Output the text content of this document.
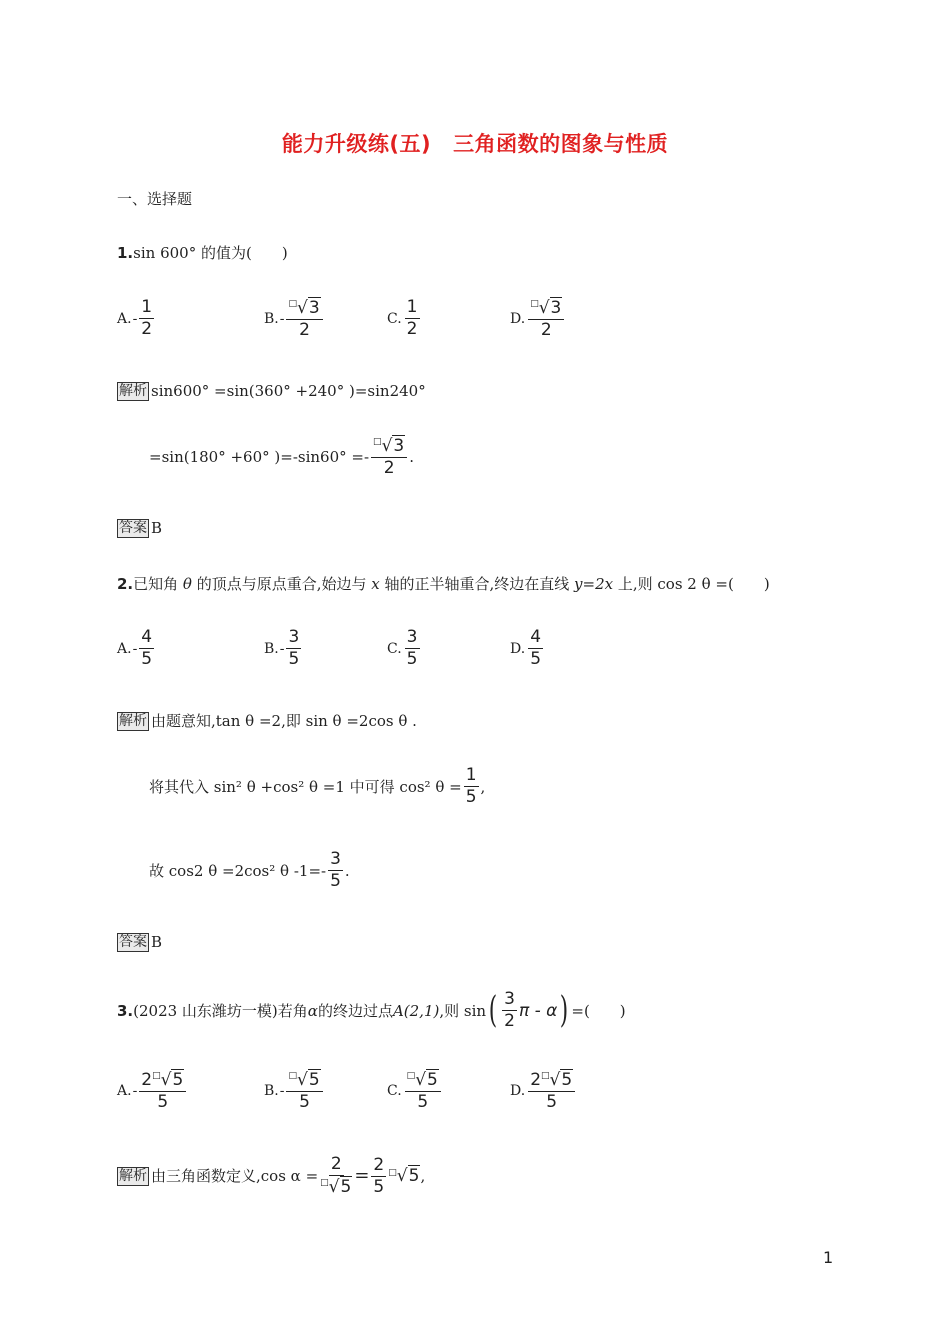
能力升级练(五) 三角函数的图象与性质
一、选择题
1.sin 600° 的值为(　　)
A. - $\frac{1}{2}$	B. - $\frac{^□√3}{2}$	C. $\frac{1}{2}$	D. $\frac{^□√3}{2}$
解析 sin600° =sin(360° +240° )=sin240°
=sin(180° +60° )$=-\sin 60^\circ =- \frac{^□√3}{2}$ .
答案 B
2.已知角 θ 的顶点与原点重合,始边与 x 轴的正半轴重合,终边在直线 y=2x 上,则 cos 2 θ =(　　)
A. - $\frac{4}{5}$	B. - $\frac{3}{5}$	C. $\frac{3}{5}$	D. $\frac{4}{5}$
解析 由题意知,tan θ =2,即 sin θ =2cos θ .
将其代入 sin² θ +cos² θ =1 中可得 cos² $\theta = \frac{1}{5}$ ,
故 cos2 θ =2cos² θ $-1=- \frac{3}{5}$ .
答案 B
3. (2023 山东潍坊一模)若角 α 的终边过点 A(2,1) ,则 sin ( $\frac{3}{2}$ π - α ) =(　　)
A. - $\frac{2^□√5}{5}$	B. - $\frac{^□√5}{5}$	C. $\frac{^□√5}{5}$	D. $\frac{2^□√5}{5}$
解析 由三角函数定义,cos $\alpha = \frac{2}{^□√5} = \frac{2}{5} ^□√5$ ,
1
